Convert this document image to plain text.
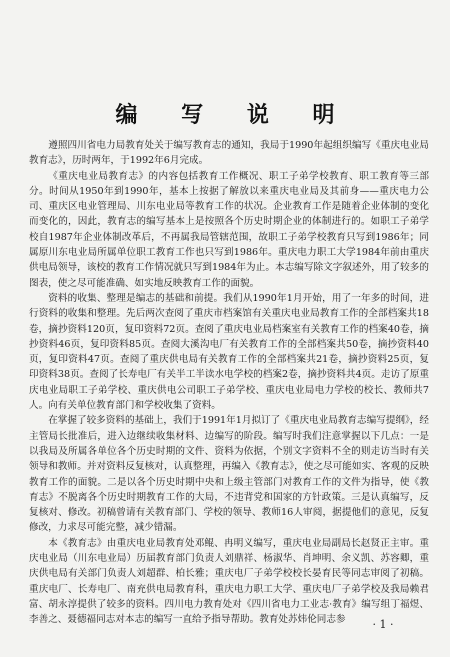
编 写 说 明

遵照四川省电力局教育处关于编写教育志的通知，我局于1990年起组织编写《重庆电业局教育志》，历时两年，于1992年6月完成。

《重庆电业局教育志》的内容包括教育工作概况、职工子弟学校教育、职工教育等三部分。时间从1950年到1990年，基本上按据了解放以来重庆电业局及其前身——重庆电力公司、重庆区电业管理局、川东电业局等教育工作的状况。企业教育工作是随着企业体制的变化而变化的，因此，教育志的编写基本上是按照各个历史时期企业的体制进行的。如职工子弟学校自1987年企业体制改革后，不再属我局管辖范围，故职工子弟学校教育只写到1986年；同属原川东电业局所属单位职工教育工作也只写到1986年。重庆电力职工大学1984年前由重庆供电局领导，该校的教育工作情况就只写到1984年为止。本志编写除文字叙述外，用了较多的图表，使之尽可能准确、如实地反映教育工作的面貌。

资料的收集、整理是编志的基础和前提。我们从1990年1月开始，用了一年多的时间，进行资料的收集和整理。先后两次查阅了重庆市档案馆有关重庆电业局教育工作的全部档案共18卷，摘抄资料120页，复印资料72页。查阅了重庆电业局档案室有关教育工作的档案40卷，摘抄资料46页，复印资料85页。查阅大溪沟电厂有关教育工作的全部档案共50卷，摘抄资料40页，复印资料47页。查阅了重庆供电局有关教育工作的全部档案共21卷，摘抄资料25页，复印资料38页。查阅了长寿电厂有关半工半读水电学校的档案2卷，摘抄资料共4页。走访了原重庆电业局职工子弟学校、重庆供电公司职工子弟学校、重庆电业局电力学校的校长、教师共7人。向有关单位教育部门和学校收集了资料。

在掌握了较多资料的基础上，我们于1991年1月拟订了《重庆电业局教育志编写提纲》，经主管局长批准后，进入边继续收集材料、边编写的阶段。编写时我们注意掌握以下几点：一是以我局及所属各单位各个历史时期的文件、资料为依据，个别文字资料不全的则走访当时有关领导和教师。并对资料反复核对，认真整理，再编入《教育志》，使之尽可能如实、客观的反映教育工作的面貌。二是以各个历史时期中央和上级主管部门对教育工作的文件为指导，使《教育志》不脱离各个历史时期教育工作的大局，不违背党和国家的方针政策。三是认真编写，反复核对、修改。初稿曾请有关教育部门、学校的领导、教师16人审阅，据提他们的意见，反复修改，力求尽可能完整，减少错漏。

本《教育志》由重庆电业局教育处邓鲲、冉明义编写，重庆电业局副局长赵贤正主审。重庆电业局（川东电业局）历届教育部门负责人刘鼎祥、杨淑华、肖坤明、余义凯、苏容卿，重庆供电局有关部门负责人刘超群、柏长雅；重庆电厂子弟学校校长晏育民等同志审阅了初稿。重庆电厂、长寿电厂、南充供电局教育科，重庆电力职工大学、重庆电厂子弟学校及我局赖君富、胡永淳提供了较多的资料。四川电力教育处对《四川省电力工业志·教育》编写组丁福煜、李善之、聂德福同志对本志的编写一直给予指导帮助。教育处苏炜伦同志参	· 1 ·
